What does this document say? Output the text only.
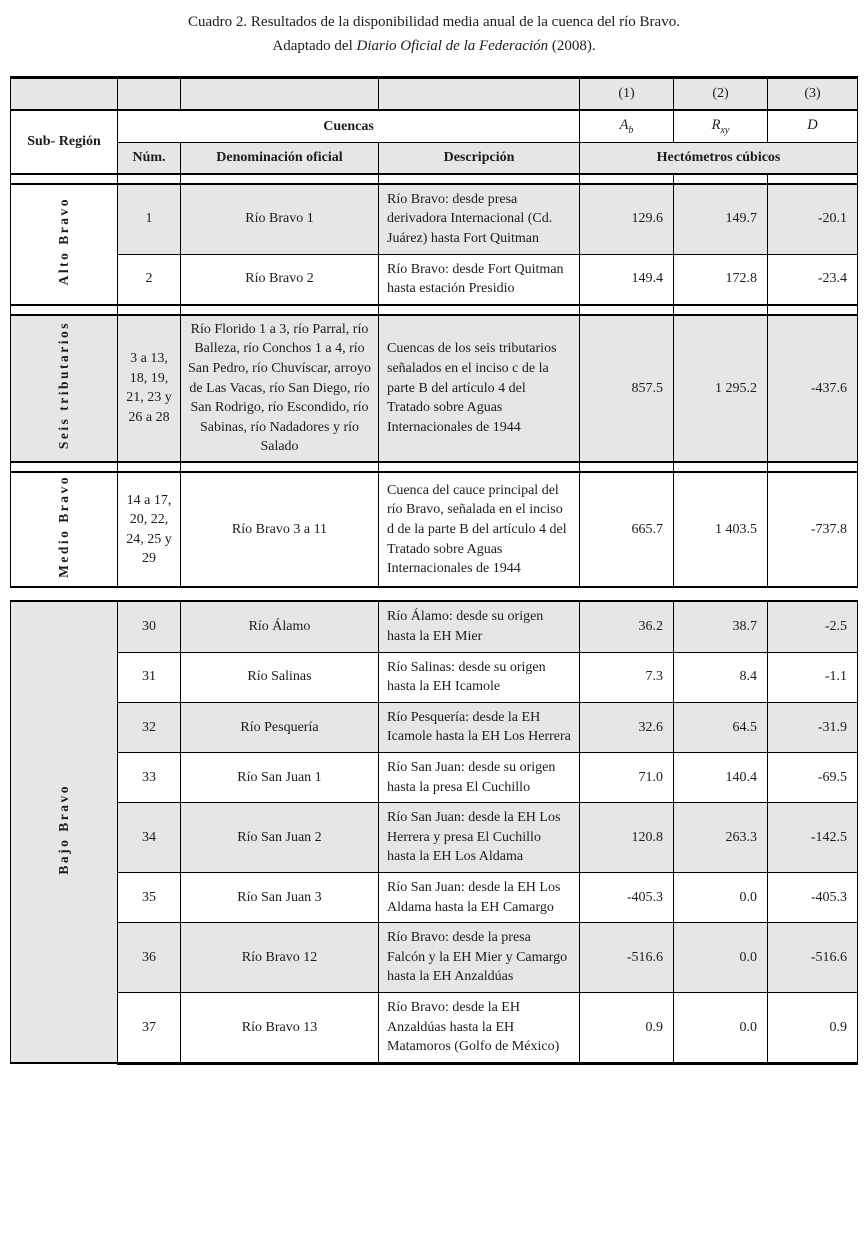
Cuadro 2. Resultados de la disponibilidad media anual de la cuenca del río Bravo.
Adaptado del Diario Oficial de la Federación (2008).
				(1)	(2)	(3)
Sub- Región	Cuencas			$A_b$	$R_{xy}$	D
	Núm.	Denominación oficial	Descripción	Hectómetros cúbicos		

Alto Bravo	1	Río Bravo 1	Río Bravo: desde presa derivadora Internacional (Cd. Juárez) hasta Fort Quitman	129.6	149.7	-20.1
	2	Río Bravo 2	Río Bravo: desde Fort Quitman hasta estación Presidio	149.4	172.8	-23.4

Seis tributarios	3 a 13, 18, 19, 21, 23 y 26 a 28	Río Florido 1 a 3, río Parral, río Balleza, río Conchos 1 a 4, río San Pedro, río Chuvíscar, arroyo de Las Vacas, río San Diego, río San Rodrigo, río Escondido, río Sabinas, río Nadadores y río Salado	Cuencas de los seis tributarios señalados en el inciso c de la parte B del artículo 4 del Tratado sobre Aguas Internacionales de 1944	857.5	1 295.2	-437.6

Medio Bravo	14 a 17, 20, 22, 24, 25 y 29	Río Bravo 3 a 11	Cuenca del cauce principal del río Bravo, señalada en el inciso d de la parte B del artículo 4 del Tratado sobre Aguas Internacionales de 1944	665.7	1 403.5	-737.8

Bajo Bravo	30	Río Álamo	Río Álamo: desde su origen hasta la EH Mier	36.2	38.7	-2.5
	31	Río Salinas	Río Salinas: desde su origen hasta la EH Icamole	7.3	8.4	-1.1
	32	Río Pesquería	Río Pesquería: desde la EH Icamole hasta la EH Los Herrera	32.6	64.5	-31.9
	33	Río San Juan 1	Río San Juan: desde su origen hasta la presa El Cuchillo	71.0	140.4	-69.5
	34	Río San Juan 2	Río San Juan: desde la EH Los Herrera y presa El Cuchillo hasta la EH Los Aldama	120.8	263.3	-142.5
	35	Río San Juan 3	Río San Juan: desde la EH Los Aldama hasta la EH Camargo	-405.3	0.0	-405.3
	36	Río Bravo 12	Río Bravo: desde la presa Falcón y la EH Mier y Camargo hasta la EH Anzaldúas	-516.6	0.0	-516.6
	37	Río Bravo 13	Río Bravo: desde la EH Anzaldúas hasta la EH Matamoros (Golfo de México)	0.9	0.0	0.9
